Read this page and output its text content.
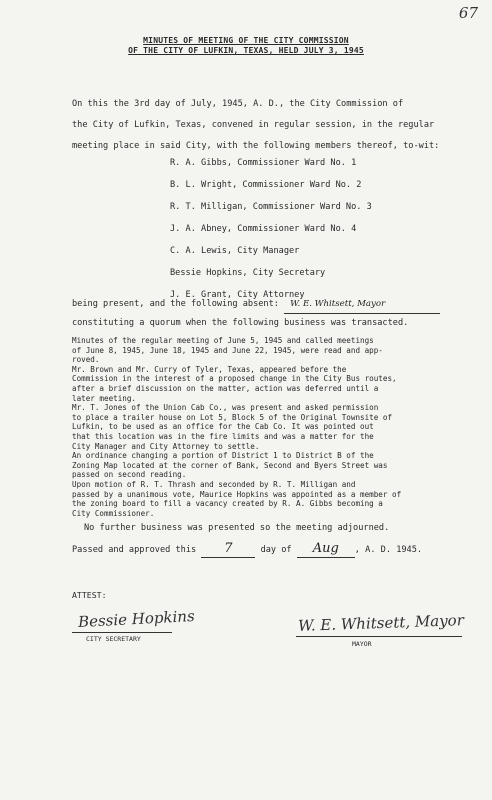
67
MINUTES OF MEETING OF THE CITY COMMISSION
OF THE CITY OF LUFKIN, TEXAS, HELD JULY 3, 1945
On this the 3rd day of July, 1945, A. D., the City Commission of
the City of Lufkin, Texas, convened in regular session, in the regular
meeting place in said City, with the following members thereof, to-wit:
R. A. Gibbs, Commissioner Ward No. 1
B. L. Wright, Commissioner Ward No. 2
R. T. Milligan, Commissioner Ward No. 3
J. A. Abney, Commissioner Ward No. 4
C. A. Lewis, City Manager
Bessie Hopkins, City Secretary
J. E. Grant, City Attorney
being present, and the following absent: W. E. Whitsett, Mayor
constituting a quorum when the following business was transacted.

Minutes of the regular meeting of June 5, 1945 and called meetings
of June 8, 1945, June 18, 1945 and June 22, 1945, were read and app-
roved.

Mr. Brown and Mr. Curry of Tyler, Texas, appeared before the
Commission in the interest of a proposed change in the City Bus routes,
after a brief discussion on the matter, action was deferred until a
later meeting.

Mr. T. Jones of the Union Cab Co., was present and asked permission
to place a trailer house on Lot 5, Block 5 of the Original Townsite of
Lufkin, to be used as an office for the Cab Co. It was pointed out
that this location was in the fire limits and was a matter for the
City Manager and City Attorney to settle.

An ordinance changing a portion of District 1 to District B of the
Zoning Map located at the corner of Bank, Second and Byers Street was
passed on second reading.

Upon motion of R. T. Thrash and seconded by R. T. Milligan and
passed by a unanimous vote, Maurice Hopkins was appointed as a member of
the zoning board to fill a vacancy created by R. A. Gibbs becoming a
City Commissioner.

No further business was presented so the meeting adjourned.
Passed and approved this 7	day of Aug , A. D. 1945.
ATTEST:
Bessie Hopkins
CITY SECRETARY
W. E. Whitsett, Mayor
MAYOR
